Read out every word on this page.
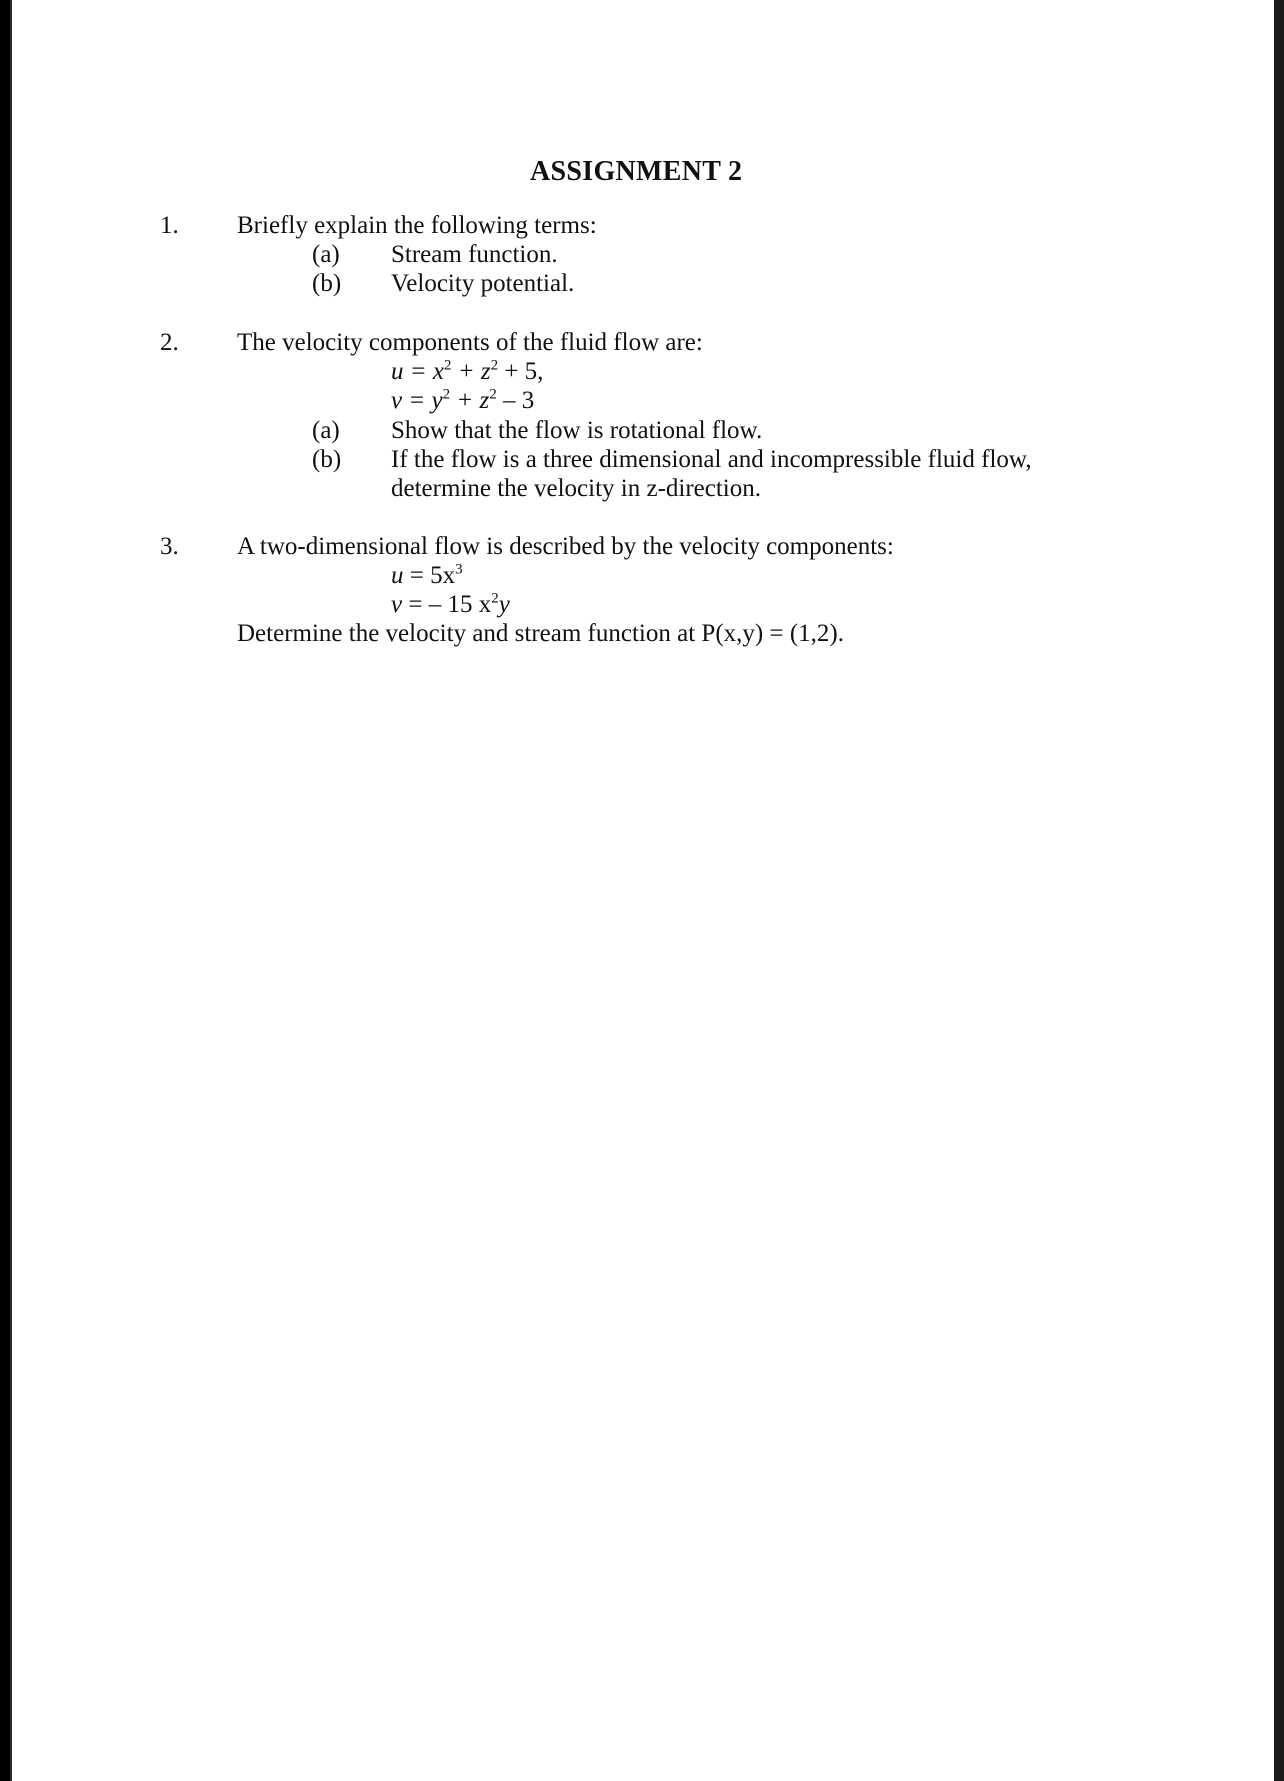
ASSIGNMENT 2
1. Briefly explain the following terms:
(a) Stream function.
(b) Velocity potential.
2. The velocity components of the fluid flow are:
$u = x^2 + z^2 + 5$,
$v = y^2 + z^2 - 3$
(a) Show that the flow is rotational flow.
(b) If the flow is a three dimensional and incompressible fluid flow,
determine the velocity in z-direction.
3. A two-dimensional flow is described by the velocity components:
$u = 5x^3$
v = – 15 $x^2y$
Determine the velocity and stream function at P(x,y) = (1,2).
